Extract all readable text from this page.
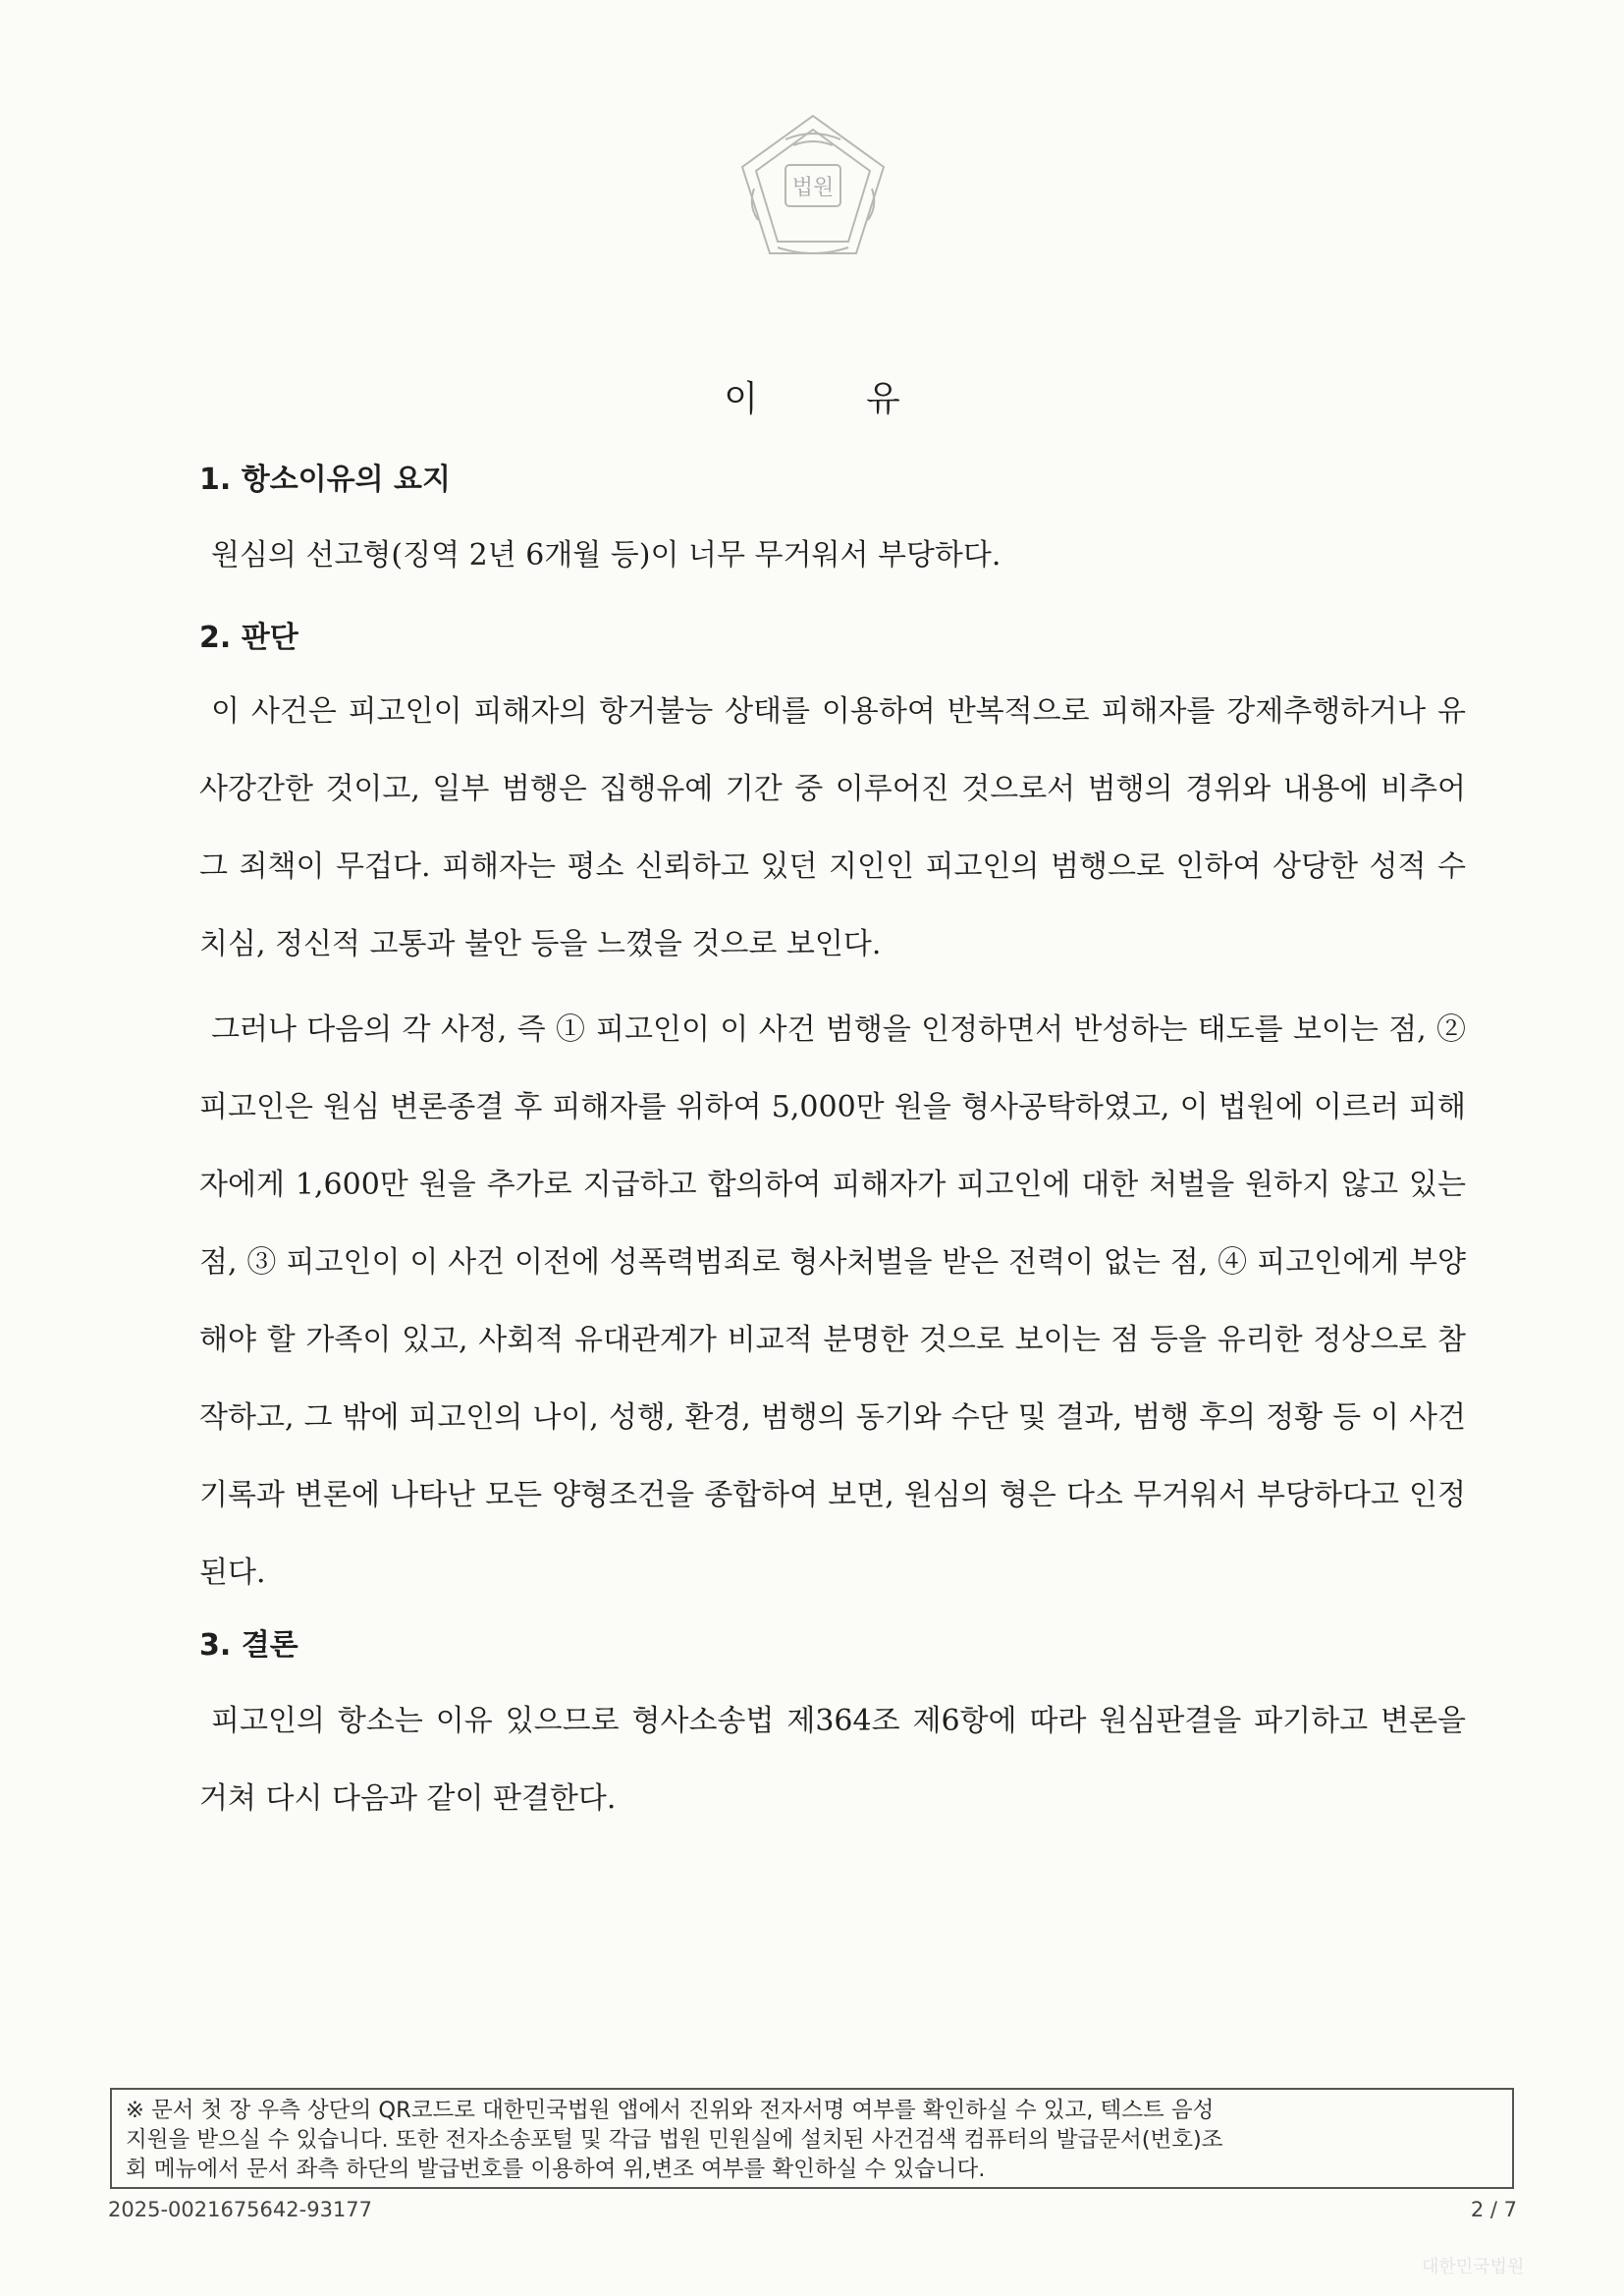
법원
이	유
1. 항소이유의 요지

원심의 선고형(징역 2년 6개월 등)이 너무 무거워서 부당하다.

2. 판단

이 사건은 피고인이 피해자의 항거불능 상태를 이용하여 반복적으로 피해자를 강제추행하거나 유사강간한 것이고, 일부 범행은 집행유예 기간 중 이루어진 것으로서 범행의 경위와 내용에 비추어 그 죄책이 무겁다. 피해자는 평소 신뢰하고 있던 지인인 피고인의 범행으로 인하여 상당한 성적 수치심, 정신적 고통과 불안 등을 느꼈을 것으로 보인다.

그러나 다음의 각 사정, 즉 ① 피고인이 이 사건 범행을 인정하면서 반성하는 태도를 보이는 점, ② 피고인은 원심 변론종결 후 피해자를 위하여 5,000만 원을 형사공탁하였고, 이 법원에 이르러 피해자에게 1,600만 원을 추가로 지급하고 합의하여 피해자가 피고인에 대한 처벌을 원하지 않고 있는 점, ③ 피고인이 이 사건 이전에 성폭력범죄로 형사처벌을 받은 전력이 없는 점, ④ 피고인에게 부양해야 할 가족이 있고, 사회적 유대관계가 비교적 분명한 것으로 보이는 점 등을 유리한 정상으로 참작하고, 그 밖에 피고인의 나이, 성행, 환경, 범행의 동기와 수단 및 결과, 범행 후의 정황 등 이 사건 기록과 변론에 나타난 모든 양형조건을 종합하여 보면, 원심의 형은 다소 무거워서 부당하다고 인정된다.

3. 결론

피고인의 항소는 이유 있으므로 형사소송법 제364조 제6항에 따라 원심판결을 파기하고 변론을 거쳐 다시 다음과 같이 판결한다.

※ 문서 첫 장 우측 상단의 QR코드로 대한민국법원 앱에서 진위와 전자서명 여부를 확인하실 수 있고, 텍스트 음성

지원을 받으실 수 있습니다. 또한 전자소송포털 및 각급 법원 민원실에 설치된 사건검색 컴퓨터의 발급문서(번호)조

회 메뉴에서 문서 좌측 하단의 발급번호를 이용하여 위,변조 여부를 확인하실 수 있습니다.

2025-0021675642-93177	2 / 7
대한민국법원
